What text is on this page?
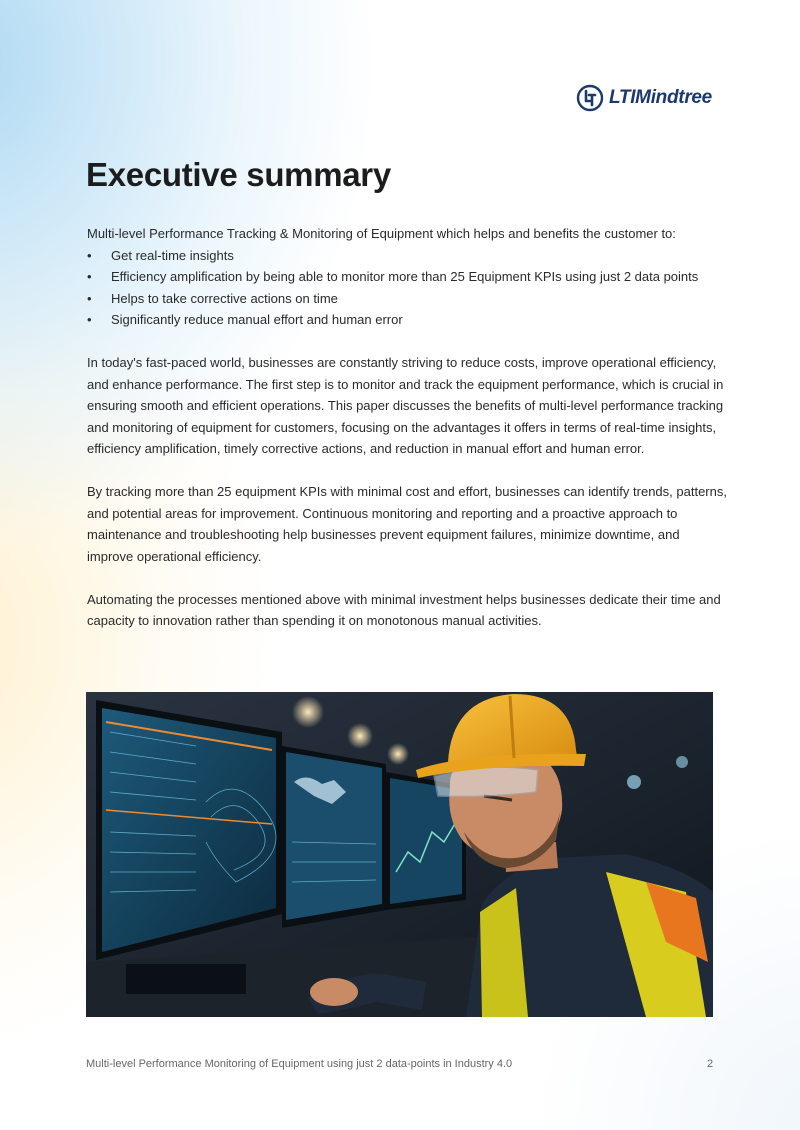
LTIMindtree
Executive summary

Multi-level Performance Tracking & Monitoring of Equipment which helps and benefits the customer to:

• Get real-time insights
• Efficiency amplification by being able to monitor more than 25 Equipment KPIs using just 2 data points
• Helps to take corrective actions on time
• Significantly reduce manual effort and human error

In today's fast-paced world, businesses are constantly striving to reduce costs, improve operational efficiency, and enhance performance. The first step is to monitor and track the equipment performance, which is crucial in ensuring smooth and efficient operations. This paper discusses the benefits of multi-level performance tracking and monitoring of equipment for customers, focusing on the advantages it offers in terms of real-time insights, efficiency amplification, timely corrective actions, and reduction in manual effort and human error.

By tracking more than 25 equipment KPIs with minimal cost and effort, businesses can identify trends, patterns, and potential areas for improvement. Continuous monitoring and reporting and a proactive approach to maintenance and troubleshooting help businesses prevent equipment failures, minimize downtime, and improve operational efficiency.

Automating the processes mentioned above with minimal investment helps businesses dedicate their time and capacity to innovation rather than spending it on monotonous manual activities.

Multi-level Performance Monitoring of Equipment using just 2 data-points in Industry 4.0	2
